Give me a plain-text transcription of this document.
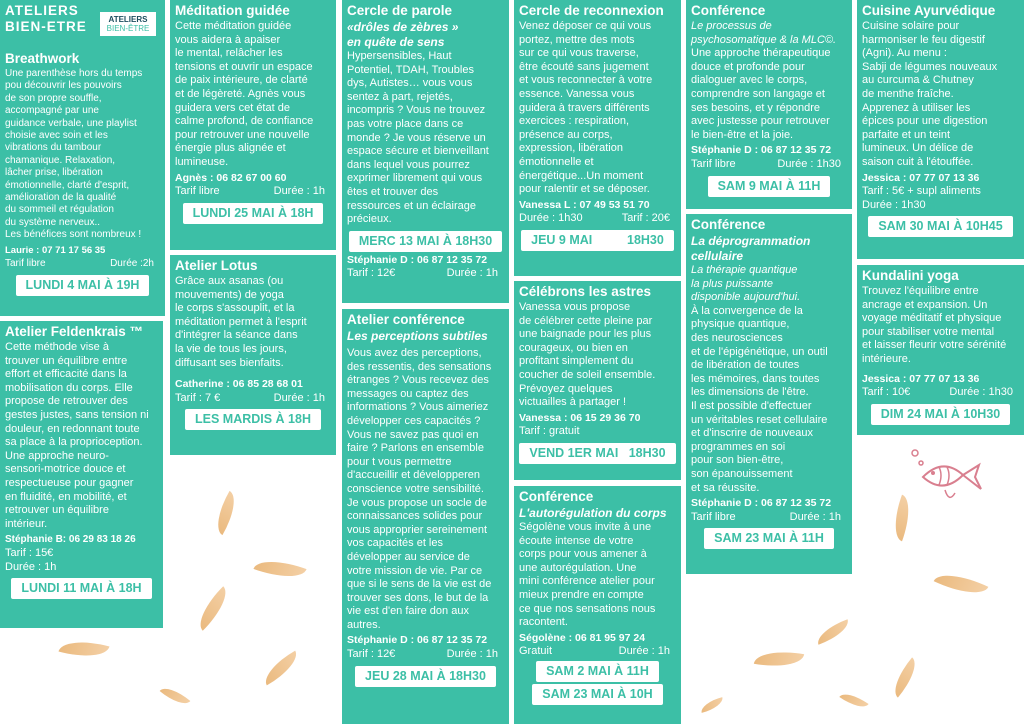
ATELIERS
BIEN-ETRE	ATELIERS
BIEN-ÊTRE
Breathwork
Une parenthèse hors du temps
pou découvrir les pouvoirs
de son propre souffle,
accompagné par une
guidance verbale, une playlist
choisie avec soin et les
vibrations du tambour
chamanique. Relaxation,
lâcher prise, libération
émotionnelle, clarté d'esprit,
amélioration de la qualité
du sommeil et régulation
du système nerveux..
Les bénéfices sont nombreux !
Laurie : 07 71 17 56 35
Tarif libre	Durée :2h
LUNDI 4 MAI À 19H
Atelier Feldenkrais ™
Cette méthode vise à
trouver un équilibre entre
effort et efficacité dans la
mobilisation du corps. Elle
propose de retrouver des
gestes justes, sans tension ni
douleur, en redonnant toute
sa place à la proprioception.
Une approche neuro-
sensori-motrice douce et
respectueuse pour gagner
en fluidité, en mobilité, et
retrouver un équilibre
intérieur.
Stéphanie B: 06 29 83 18 26
Tarif : 15€
Durée : 1h
LUNDI 11 MAI À 18H
Méditation guidée
Cette méditation guidée
vous aidera à apaiser
le mental, relâcher les
tensions et ouvrir un espace
de paix intérieure, de clarté
et de légèreté. Agnès vous
guidera vers cet état de
calme profond, de confiance
pour retrouver une nouvelle
énergie plus alignée et
lumineuse.
Agnès : 06 82 67 00 60
Tarif libre	Durée : 1h
LUNDI 25 MAI À 18H
Atelier Lotus
Grâce aux asanas (ou
mouvements) de yoga
le corps s'assouplit, et la
méditation permet à l'esprit
d'intégrer la séance dans
la vie de tous les jours,
diffusant ses bienfaits.
Catherine : 06 85 28 68 01
Tarif : 7 €	Durée : 1h
LES MARDIS À 18H
Cercle de parole
«drôles de zèbres »
en quête de sens
Hypersensibles, Haut
Potentiel, TDAH, Troubles
dys, Autistes… vous vous
sentez à part, rejetés,
incompris ? Vous ne trouvez
pas votre place dans ce
monde ? Je vous réserve un
espace sécure et bienveillant
dans lequel vous pourrez
exprimer librement qui vous
êtes et trouver des
ressources et un éclairage
précieux.
MERC 13 MAI À 18H30
Stéphanie D : 06 87 12 35 72
Tarif : 12€	Durée : 1h
Atelier conférence
Les perceptions subtiles
Vous avez des perceptions,
des ressentis, des sensations
étranges ? Vous recevez des
messages ou captez des
informations ? Vous aimeriez
développer ces capacités ?
Vous ne savez pas quoi en
faire ? Parlons en ensemble
pour t vous permettre
d'accueillir et développeren
conscience votre sensibilité.
Je vous propose un socle de
connaissances solides pour
vous approprier sereinement
vos capacités et les
développer au service de
votre mission de vie. Par ce
que si le sens de la vie est de
trouver ses dons, le but de la
vie est d'en faire don aux
autres.
Stéphanie D : 06 87 12 35 72
Tarif : 12€	Durée : 1h
JEU 28 MAI À 18H30
Cercle de reconnexion
Venez déposer ce qui vous
portez, mettre des mots
sur ce qui vous traverse,
être écouté sans jugement
et vous reconnecter à votre
essence. Vanessa vous
guidera à travers différents
exercices : respiration,
présence au corps,
expression, libération
émotionnelle et
énergétique...Un moment
pour ralentir et se déposer.
Vanessa L : 07 49 53 51 70
Durée : 1h30	Tarif : 20€
JEU 9 MAI          18H30
Célébrons les astres
Vanessa vous propose
de célébrer cette pleine par
une baignade pour les plus
courageux, ou bien en
profitant simplement du
coucher de soleil ensemble.
Prévoyez quelques
victuailles à partager !
Vanessa : 06 15 29 36 70
Tarif : gratuit
VEND 1ER MAI   18H30
Conférence
L'autorégulation du corps
Ségolène vous invite à une
écoute intense de votre
corps pour vous amener à
une autorégulation. Une
mini conférence atelier pour
mieux prendre en compte
ce que nos sensations nous
racontent.
Ségolène : 06 81 95 97 24
Gratuit	Durée : 1h
SAM 2 MAI À 11H
SAM 23 MAI À 10H
Conférence
Le processus de
psychosomatique & la MLC©.
Une approche thérapeutique
douce et profonde pour
dialoguer avec le corps,
comprendre son langage et
ses besoins, et y répondre
avec justesse pour retrouver
le bien-être et la joie.
Stéphanie D : 06 87 12 35 72
Tarif libre	Durée : 1h30
SAM 9 MAI À 11H
Conférence
La déprogrammation
cellulaire
La thérapie quantique
la plus puissante
disponible aujourd'hui.
À la convergence de la
physique quantique,
des neurosciences
et de l'épigénétique, un outil
de libération de toutes
les mémoires, dans toutes
les dimensions de l'être.
Il est possible d'effectuer
un véritables reset cellulaire
et d'inscrire de nouveaux
programmes en soi
pour son bien-être,
son épanouissement
et sa réussite.
Stéphanie D : 06 87 12 35 72
Tarif libre	Durée : 1h
SAM 23 MAI À 11H
Cuisine Ayurvédique
Cuisine solaire pour
harmoniser le feu digestif
(Agni). Au menu :
Sabji de légumes nouveaux
au curcuma & Chutney
de menthe fraîche.
Apprenez à utiliser les
épices pour une digestion
parfaite et un teint
lumineux. Un délice de
saison cuit à l'étouffée.
Jessica : 07 77 07 13 36
Tarif : 5€ + supl aliments
Durée : 1h30
SAM 30 MAI À 10H45
Kundalini yoga
Trouvez l'équilibre entre
ancrage et expansion. Un
voyage méditatif et physique
pour stabiliser votre mental
et laisser fleurir votre sérénité
intérieure.
Jessica : 07 77 07 13 36
Tarif : 10€	Durée : 1h30
DIM 24 MAI À 10H30
